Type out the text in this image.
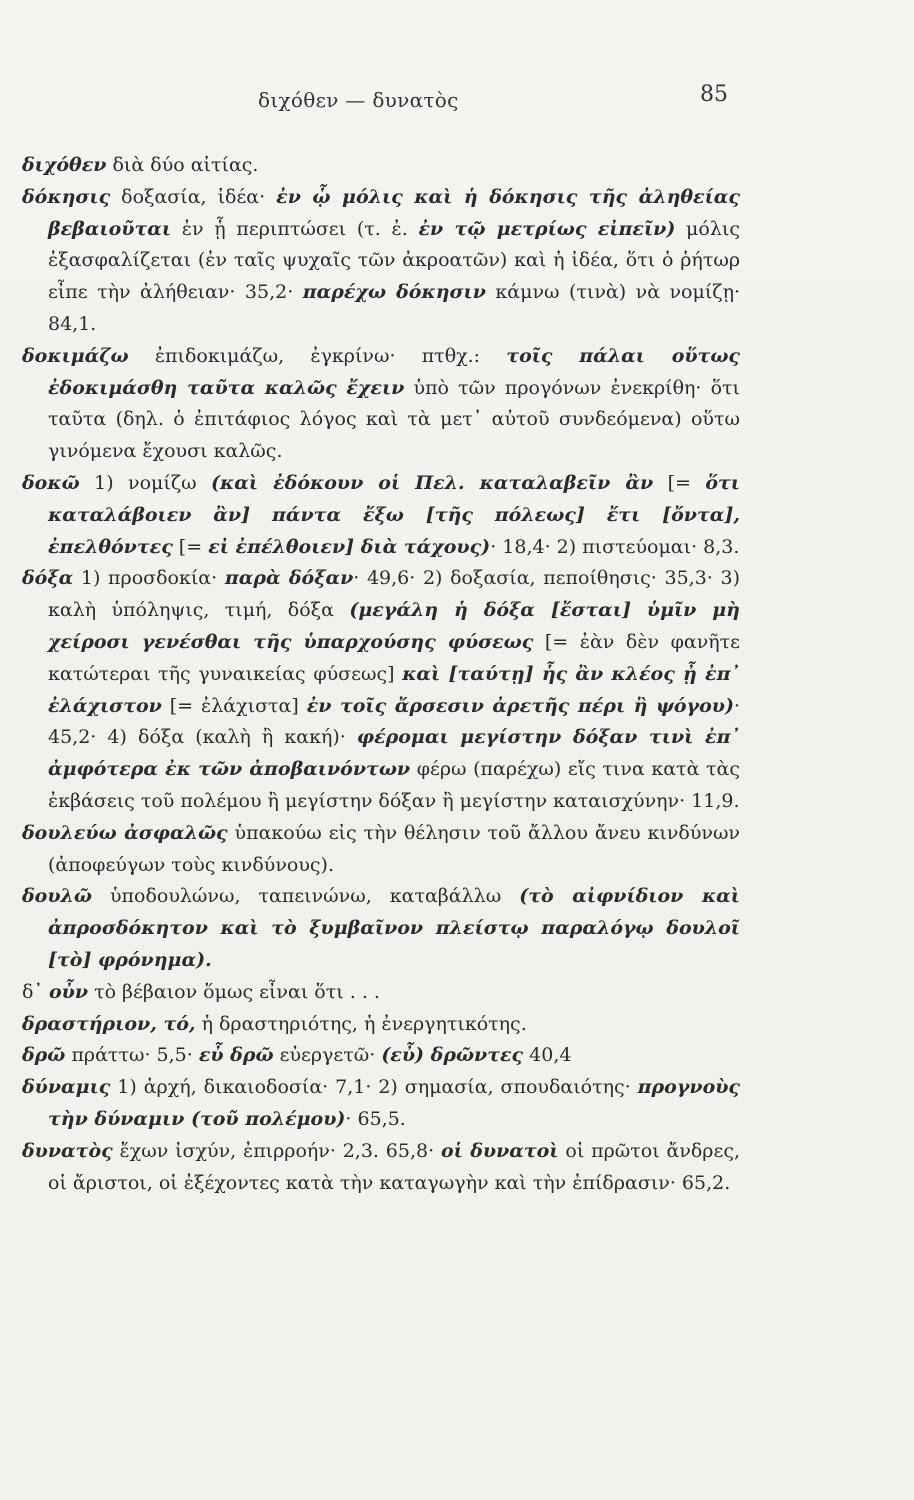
διχόθεν — δυνατὸς	85

διχόθεν διὰ δύο αἰτίας.

δόκησις δοξασία, ἰδέα· ἐν ᾧ μόλις καὶ ἡ δόκησις τῆς ἀληθείας βεβαιοῦται ἐν ᾗ περιπτώσει (τ. ἐ. ἐν τῷ μετρίως εἰπεῖν) μόλις ἐξασφαλίζεται (ἐν ταῖς ψυχαῖς τῶν ἀκροατῶν) καὶ ἡ ἰδέα, ὅτι ὁ ῥήτωρ εἶπε τὴν ἀλήθειαν· 35,2· παρέχω δόκησιν κάμνω (τινὰ) νὰ νομίζῃ· 84,1.

δοκιμάζω ἐπιδοκιμάζω, ἐγκρίνω· πτθχ.: τοῖς πάλαι οὕτως ἐδοκιμάσθη ταῦτα καλῶς ἔχειν ὑπὸ τῶν προγόνων ἐνεκρίθη· ὅτι ταῦτα (δηλ. ὁ ἐπιτάφιος λόγος καὶ τὰ μετ᾽ αὐτοῦ συνδεόμενα) οὕτω γινόμενα ἔχουσι καλῶς.

δοκῶ 1) νομίζω (καὶ ἐδόκουν οἱ Πελ. καταλαβεῖν ἂν [= ὅτι καταλάβοιεν ἂν] πάντα ἔξω [τῆς πόλεως] ἔτι [ὄντα], ἐπελθόντες [= εἰ ἐπέλθοιεν] διὰ τάχους)· 18,4· 2) πιστεύομαι· 8,3.

δόξα 1) προσδοκία· παρὰ δόξαν· 49,6· 2) δοξασία, πεποίθησις· 35,3· 3) καλὴ ὑπόληψις, τιμή, δόξα (μεγάλη ἡ δόξα [ἔσται] ὑμῖν μὴ χείροσι γενέσθαι τῆς ὑπαρχούσης φύσεως [= ἐὰν δὲν φανῆτε κατώτεραι τῆς γυναικείας φύσεως] καὶ [ταύτῃ] ἧς ἂν κλέος ᾖ ἐπ᾽ ἐλάχιστον [= ἐλάχιστα] ἐν τοῖς ἄρσεσιν ἀρετῆς πέρι ἢ ψόγου)· 45,2· 4) δόξα (καλὴ ἢ κακή)· φέρομαι μεγίστην δόξαν τινὶ ἐπ᾽ ἀμφότερα ἐκ τῶν ἀποβαινόντων φέρω (παρέχω) εἴς τινα κατὰ τὰς ἐκβάσεις τοῦ πολέμου ἢ μεγίστην δόξαν ἢ μεγίστην καταισχύνην· 11,9.

δουλεύω ἀσφαλῶς ὑπακούω εἰς τὴν θέλησιν τοῦ ἄλλου ἄνευ κινδύνων (ἀποφεύγων τοὺς κινδύνους).

δουλῶ ὑποδουλώνω, ταπεινώνω, καταβάλλω (τὸ αἰφνίδιον καὶ ἀπροσδόκητον καὶ τὸ ξυμβαῖνον πλείστῳ παραλόγῳ δουλοῖ [τὸ] φρόνημα).

δ᾽ οὖν τὸ βέβαιον ὅμως εἶναι ὅτι . . .

δραστήριον, τό, ἡ δραστηριότης, ἡ ἐνεργητικότης.

δρῶ πράττω· 5,5· εὖ δρῶ εὐεργετῶ· (εὖ) δρῶντες 40,4

δύναμις 1) ἀρχή, δικαιοδοσία· 7,1· 2) σημασία, σπουδαιότης· προγνοὺς τὴν δύναμιν (τοῦ πολέμου)· 65,5.

δυνατὸς ἔχων ἰσχύν, ἐπιρροήν· 2,3. 65,8· οἱ δυνατοὶ οἱ πρῶτοι ἄνδρες, οἱ ἄριστοι, οἱ ἐξέχοντες κατὰ τὴν καταγωγὴν καὶ τὴν ἐπίδρασιν· 65,2.
